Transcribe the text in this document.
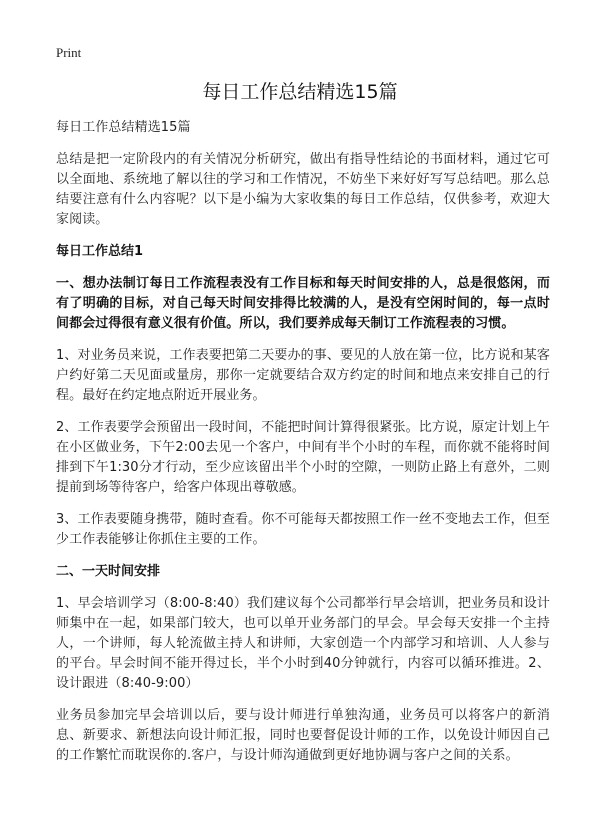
Print
每日工作总结精选15篇

每日工作总结精选15篇

总结是把一定阶段内的有关情况分析研究，做出有指导性结论的书面材料，通过它可以全面地、系统地了解以往的学习和工作情况，不妨坐下来好好写写总结吧。那么总结要注意有什么内容呢？以下是小编为大家收集的每日工作总结，仅供参考，欢迎大家阅读。

每日工作总结1

一、想办法制订每日工作流程表没有工作目标和每天时间安排的人，总是很悠闲，而有了明确的目标，对自己每天时间安排得比较满的人，是没有空闲时间的，每一点时间都会过得很有意义很有价值。所以，我们要养成每天制订工作流程表的习惯。

1、对业务员来说，工作表要把第二天要办的事、要见的人放在第一位，比方说和某客户约好第二天见面或量房，那你一定就要结合双方约定的时间和地点来安排自己的行程。最好在约定地点附近开展业务。

2、工作表要学会预留出一段时间，不能把时间计算得很紧张。比方说，原定计划上午在小区做业务，下午2:00去见一个客户，中间有半个小时的车程，而你就不能将时间排到下午1:30分才行动，至少应该留出半个小时的空隙，一则防止路上有意外，二则提前到场等待客户，给客户体现出尊敬感。

3、工作表要随身携带，随时查看。你不可能每天都按照工作一丝不变地去工作，但至少工作表能够让你抓住主要的工作。

二、一天时间安排

1、早会培训学习（8:00-8:40）我们建议每个公司都举行早会培训，把业务员和设计师集中在一起，如果部门较大，也可以单开业务部门的早会。早会每天安排一个主持人，一个讲师，每人轮流做主持人和讲师，大家创造一个内部学习和培训、人人参与的平台。早会时间不能开得过长，半个小时到40分钟就行，内容可以循环推进。2、设计跟进（8:40-9:00）

业务员参加完早会培训以后，要与设计师进行单独沟通，业务员可以将客户的新消息、新要求、新想法向设计师汇报，同时也要督促设计师的工作，以免设计师因自己的工作繁忙而耽误你的.客户，与设计师沟通做到更好地协调与客户之间的关系。
